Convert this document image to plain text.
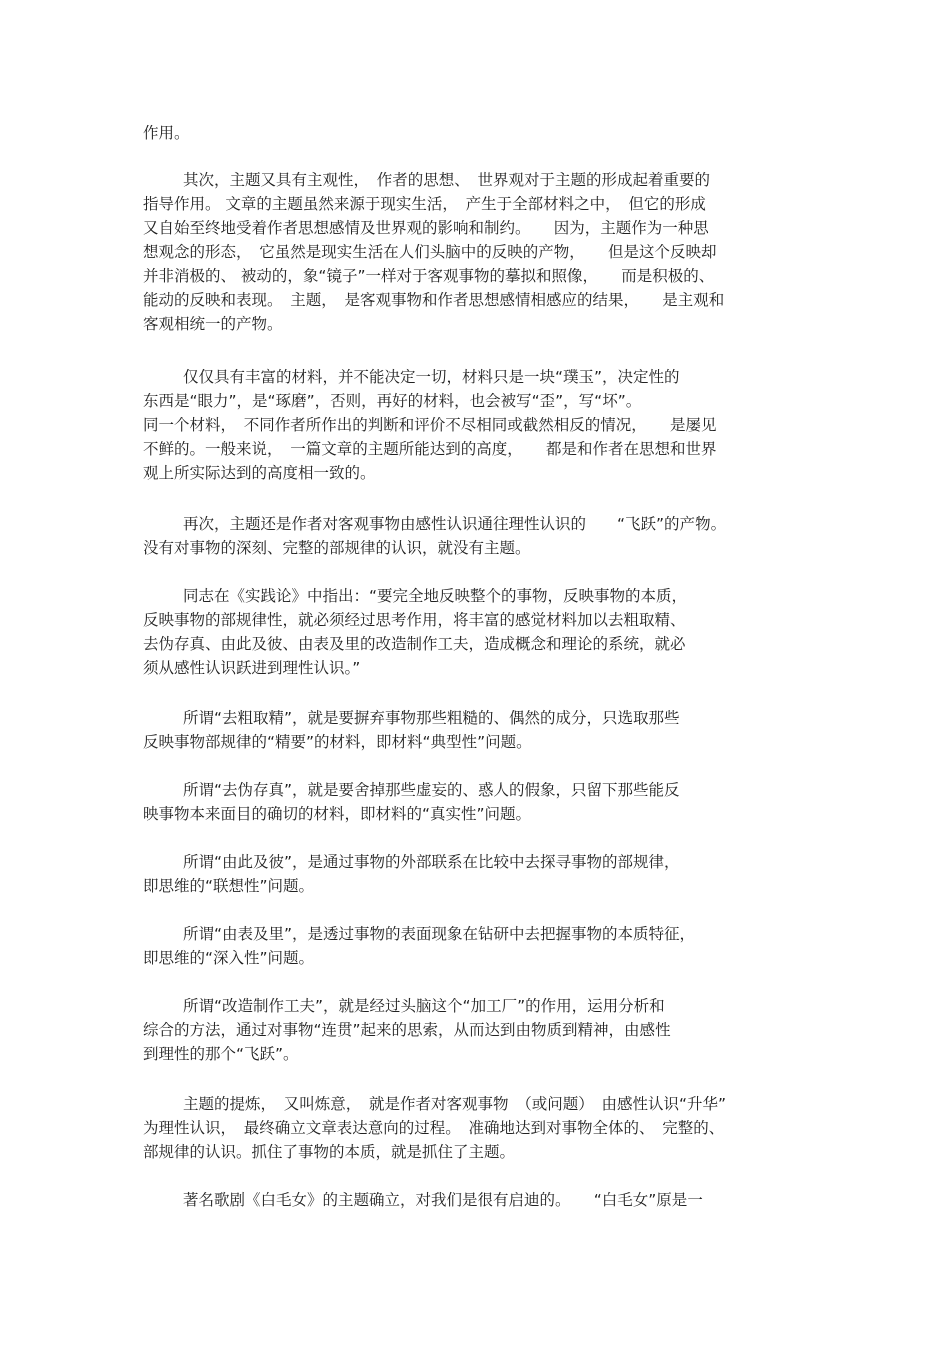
作用。
其次，主题又具有主观性，　作者的思想、　世界观对于主题的形成起着重要的
指导作用。 文章的主题虽然来源于现实生活，　产生于全部材料之中，　但它的形成
又自始至终地受着作者思想感情及世界观的影响和制约。　　因为，主题作为一种思
想观念的形态，　它虽然是现实生活在人们头脑中的反映的产物，　　但是这个反映却
并非消极的、 被动的，象“镜子”一样对于客观事物的摹拟和照像，　　而是积极的、
能动的反映和表现。　主题，　是客观事物和作者思想感情相感应的结果，　　是主观和
客观相统一的产物。
仅仅具有丰富的材料，并不能决定一切，材料只是一块“璞玉”，决定性的
东西是“眼力”，是“琢磨”，否则，再好的材料，也会被写“歪”，写“坏”。
同一个材料，　不同作者所作出的判断和评价不尽相同或截然相反的情况，　　是屡见
不鲜的。一般来说，　一篇文章的主题所能达到的高度，　　都是和作者在思想和世界
观上所实际达到的高度相一致的。
再次，主题还是作者对客观事物由感性认识通往理性认识的　　“飞跃”的产物。
没有对事物的深刻、完整的部规律的认识，就没有主题。
同志在《实践论》中指出：“要完全地反映整个的事物，反映事物的本质，
反映事物的部规律性，就必须经过思考作用，将丰富的感觉材料加以去粗取精、
去伪存真、由此及彼、由表及里的改造制作工夫，造成概念和理论的系统，就必
须从感性认识跃进到理性认识。”
所谓“去粗取精”，就是要摒弃事物那些粗糙的、偶然的成分，只选取那些
反映事物部规律的“精要”的材料，即材料“典型性”问题。
所谓“去伪存真”，就是要舍掉那些虚妄的、惑人的假象，只留下那些能反
映事物本来面目的确切的材料，即材料的“真实性”问题。
所谓“由此及彼”，是通过事物的外部联系在比较中去探寻事物的部规律，
即思维的“联想性”问题。
所谓“由表及里”，是透过事物的表面现象在钻研中去把握事物的本质特征，
即思维的“深入性”问题。
所谓“改造制作工夫”，就是经过头脑这个“加工厂”的作用，运用分析和
综合的方法，通过对事物“连贯”起来的思索，从而达到由物质到精神，由感性
到理性的那个“飞跃”。
主题的提炼，　又叫炼意，　就是作者对客观事物　（或问题）　由感性认识“升华”
为理性认识，　最终确立文章表达意向的过程。　准确地达到对事物全体的、　完整的、
部规律的认识。抓住了事物的本质，就是抓住了主题。
著名歌剧《白毛女》的主题确立，对我们是很有启迪的。　　“白毛女”原是一
